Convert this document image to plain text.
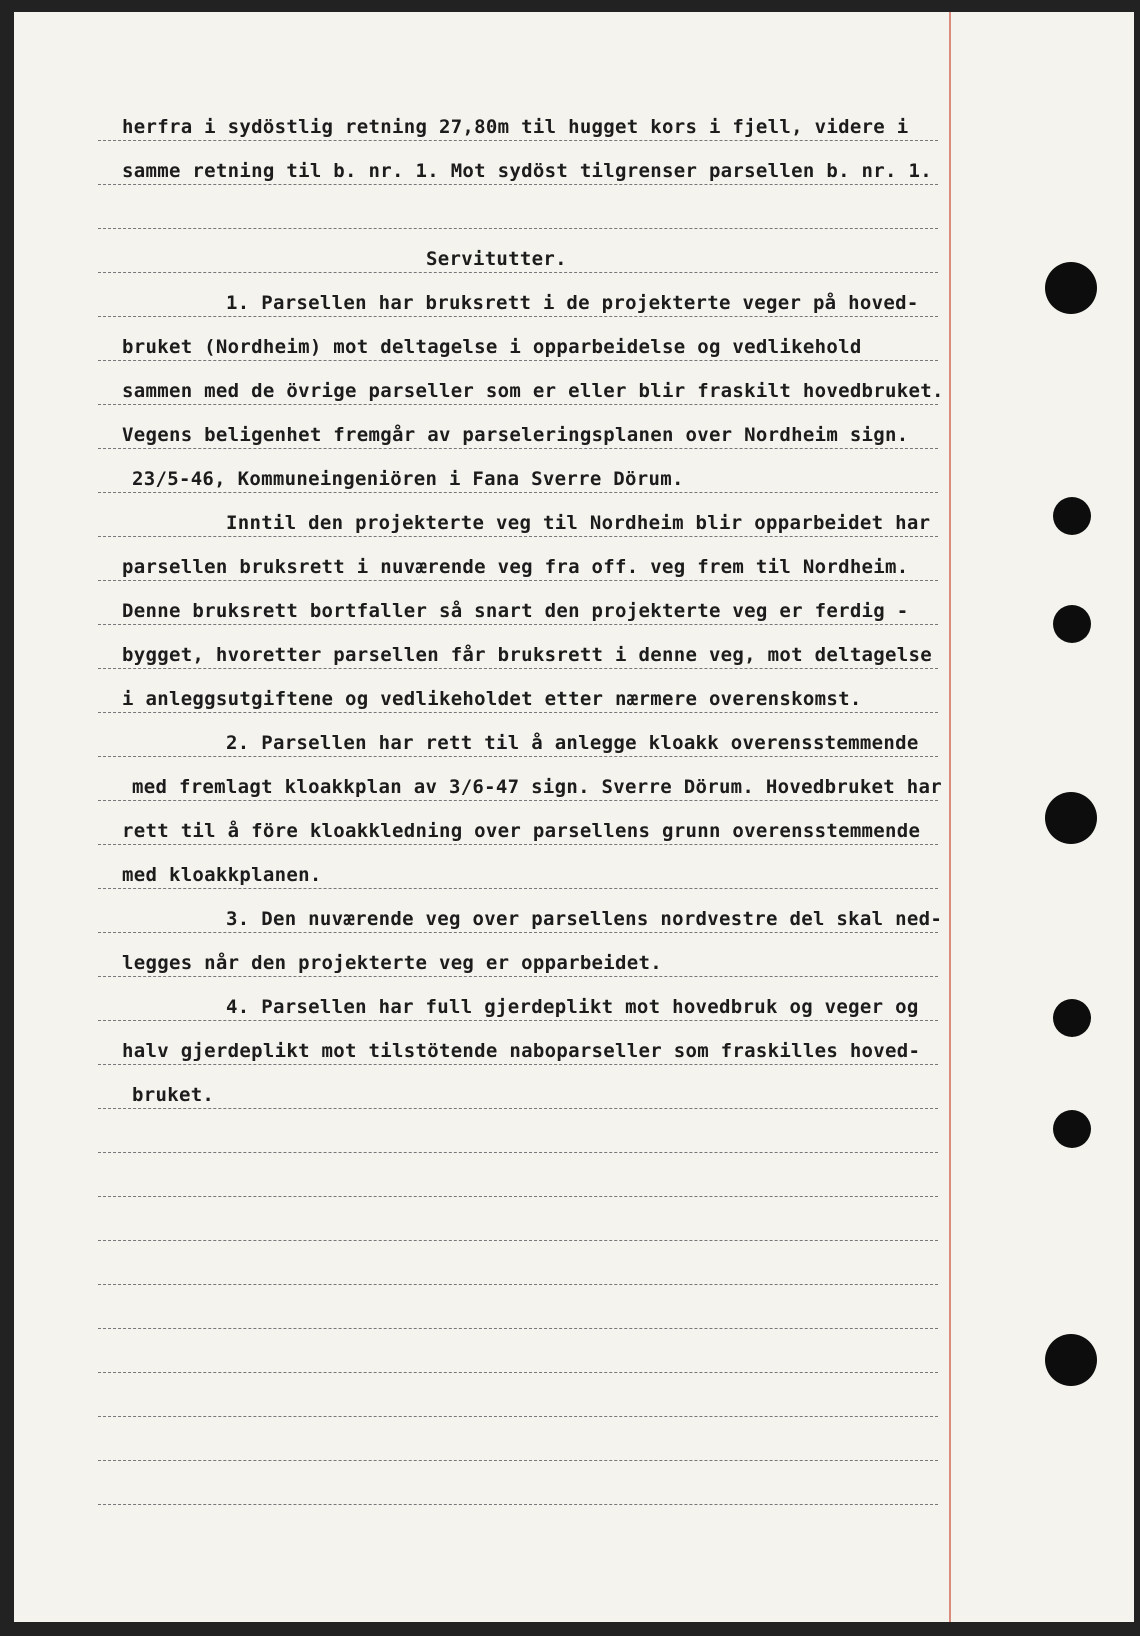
herfra i sydöstlig retning 27,80m til hugget kors i fjell, videre i
samme retning til b. nr. 1. Mot sydöst tilgrenser parsellen b. nr. 1.
Servitutter.
1. Parsellen har bruksrett i de projekterte veger på hoved-
bruket (Nordheim) mot deltagelse i opparbeidelse og vedlikehold
sammen med de övrige parseller som er eller blir fraskilt hovedbruket.
Vegens beligenhet fremgår av parseleringsplanen over Nordheim sign.
23/5-46, Kommuneingeniören i Fana Sverre Dörum.
Inntil den projekterte veg til Nordheim blir opparbeidet har
parsellen bruksrett i nuværende veg fra off. veg frem til Nordheim.
Denne bruksrett bortfaller så snart den projekterte veg er ferdig -
bygget, hvoretter parsellen får bruksrett i denne veg, mot deltagelse
i anleggsutgiftene og vedlikeholdet etter nærmere overenskomst.
2. Parsellen har rett til å anlegge kloakk overensstemmende
med fremlagt kloakkplan av 3/6-47 sign. Sverre Dörum. Hovedbruket har
rett til å före kloakkledning over parsellens grunn overensstemmende
med kloakkplanen.
3. Den nuværende veg over parsellens nordvestre del skal ned-
legges når den projekterte veg er opparbeidet.
4. Parsellen har full gjerdeplikt mot hovedbruk og veger og
halv gjerdeplikt mot tilstötende naboparseller som fraskilles hoved-
bruket.
